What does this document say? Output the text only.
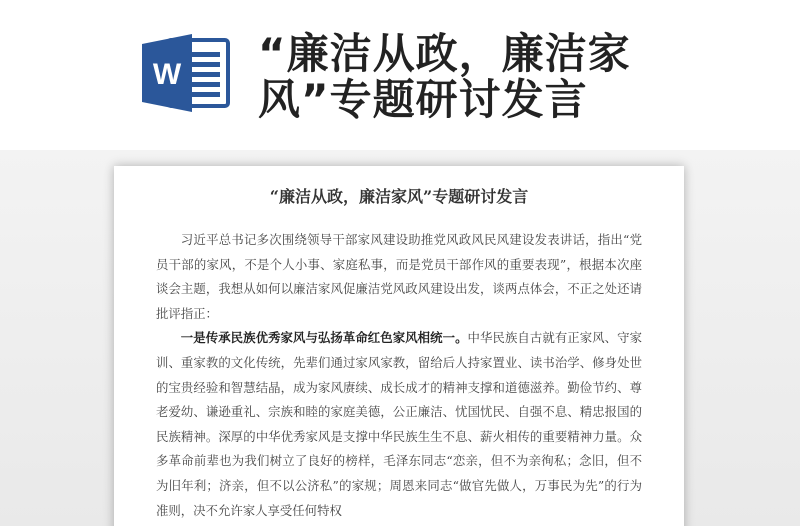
W “廉洁从政，廉洁家风”专题研讨发言
“廉洁从政，廉洁家风”专题研讨发言

习近平总书记多次围绕领导干部家风建设助推党风政风民风建设发表讲话，指出“党员干部的家风，不是个人小事、家庭私事，而是党员干部作风的重要表现”，根据本次座谈会主题，我想从如何以廉洁家风促廉洁党风政风建设出发，谈两点体会，不正之处还请批评指正：

一是传承民族优秀家风与弘扬革命红色家风相统一。中华民族自古就有正家风、守家训、重家教的文化传统，先辈们通过家风家教，留给后人持家置业、读书治学、修身处世的宝贵经验和智慧结晶，成为家风赓续、成长成才的精神支撑和道德滋养。勤俭节约、尊老爱幼、谦逊重礼、宗族和睦的家庭美德，公正廉洁、忧国忧民、自强不息、精忠报国的民族精神。深厚的中华优秀家风是支撑中华民族生生不息、薪火相传的重要精神力量。众多革命前辈也为我们树立了良好的榜样，毛泽东同志“恋亲，但不为亲徇私；念旧，但不为旧年利；济亲，但不以公济私”的家规；周恩来同志“做官先做人，万事民为先”的行为准则，决不允许家人享受任何特权
